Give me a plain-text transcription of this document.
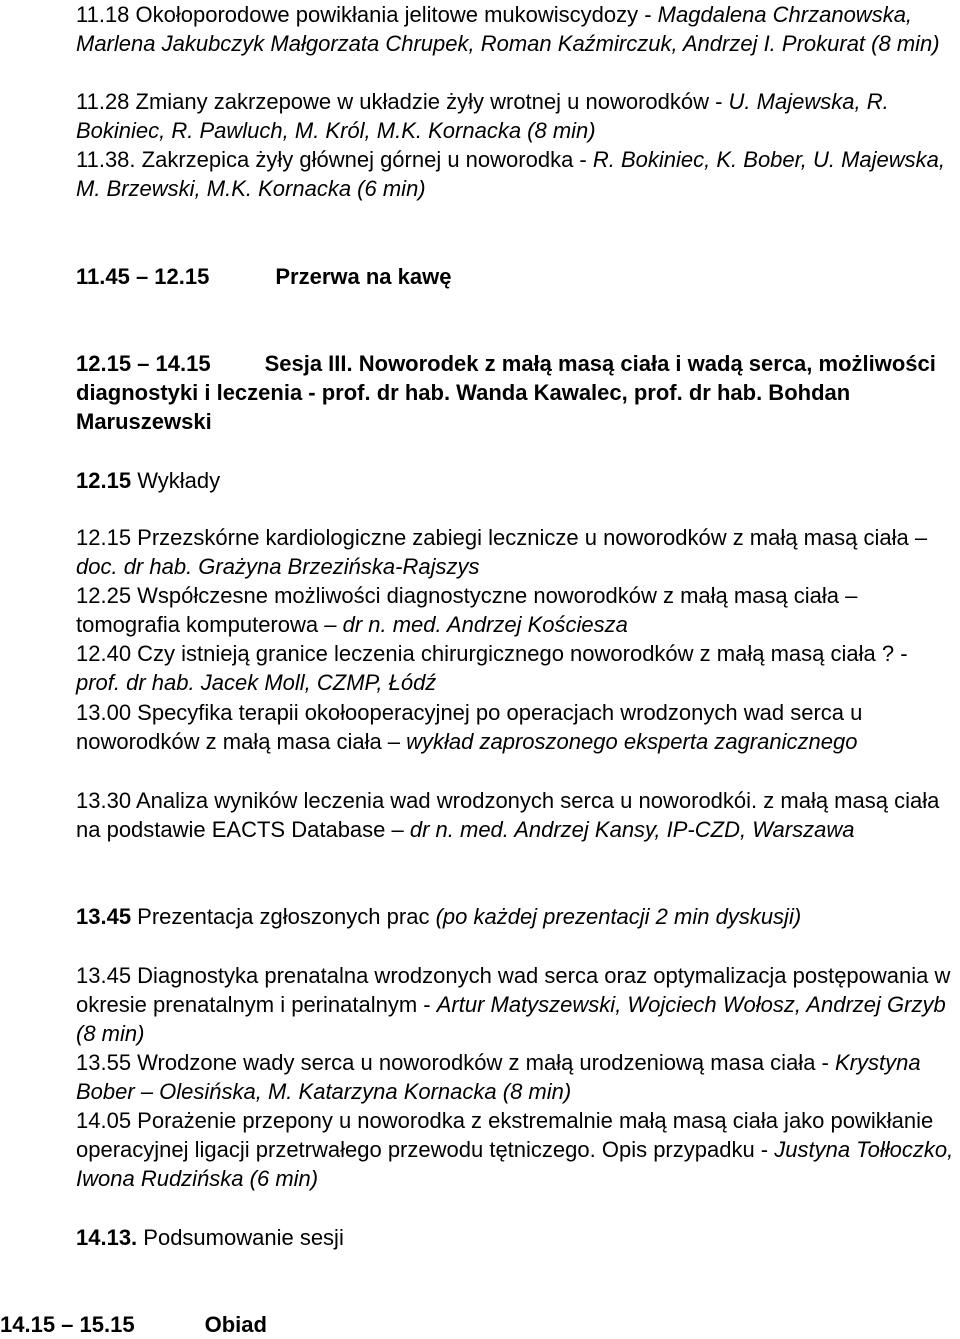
11.18 Okołoporodowe powikłania jelitowe mukowiscydozy - Magdalena Chrzanowska, Marlena Jakubczyk Małgorzata Chrupek, Roman Kaźmirczuk, Andrzej I. Prokurat (8 min)

11.28 Zmiany zakrzepowe w układzie żyły wrotnej u noworodków - U. Majewska, R. Bokiniec, R. Pawluch, M. Król, M.K. Kornacka (8 min)

11.38. Zakrzepica żyły głównej górnej u noworodka - R. Bokiniec, K. Bober, U. Majewska, M. Brzewski, M.K. Kornacka (6 min)

11.45 – 12.15	Przerwa na kawę

12.15 – 14.15 Sesja III. Noworodek z małą masą ciała i wadą serca, możliwości diagnostyki i leczenia - prof. dr hab. Wanda Kawalec, prof. dr hab. Bohdan Maruszewski

12.15 Wykłady

12.15 Przezskórne kardiologiczne zabiegi lecznicze u noworodków z małą masą ciała – doc. dr hab. Grażyna Brzezińska-Rajszys

12.25 Współczesne możliwości diagnostyczne noworodków z małą masą ciała – tomografia komputerowa – dr n. med. Andrzej Kościesza

12.40 Czy istnieją granice leczenia chirurgicznego noworodków z małą masą ciała ? - prof. dr hab. Jacek Moll, CZMP, Łódź

13.00 Specyfika terapii okołooperacyjnej po operacjach wrodzonych wad serca u noworodków z małą masa ciała – wykład zaproszonego eksperta zagranicznego

13.30 Analiza wyników leczenia wad wrodzonych serca u noworodkói. z małą masą ciała na podstawie EACTS Database – dr n. med. Andrzej Kansy, IP-CZD, Warszawa

13.45 Prezentacja zgłoszonych prac (po każdej prezentacji 2 min dyskusji)

13.45 Diagnostyka prenatalna wrodzonych wad serca oraz optymalizacja postępowania w okresie prenatalnym i perinatalnym - Artur Matyszewski, Wojciech Wołosz, Andrzej Grzyb (8 min)

13.55 Wrodzone wady serca u noworodków z małą urodzeniową masa ciała - Krystyna Bober – Olesińska, M. Katarzyna Kornacka (8 min)

14.05 Porażenie przepony u noworodka z ekstremalnie małą masą ciała jako powikłanie operacyjnej ligacji przetrwałego przewodu tętniczego. Opis przypadku - Justyna Tołłoczko, Iwona Rudzińska (6 min)

14.13. Podsumowanie sesji

14.15 – 15.15	Obiad
